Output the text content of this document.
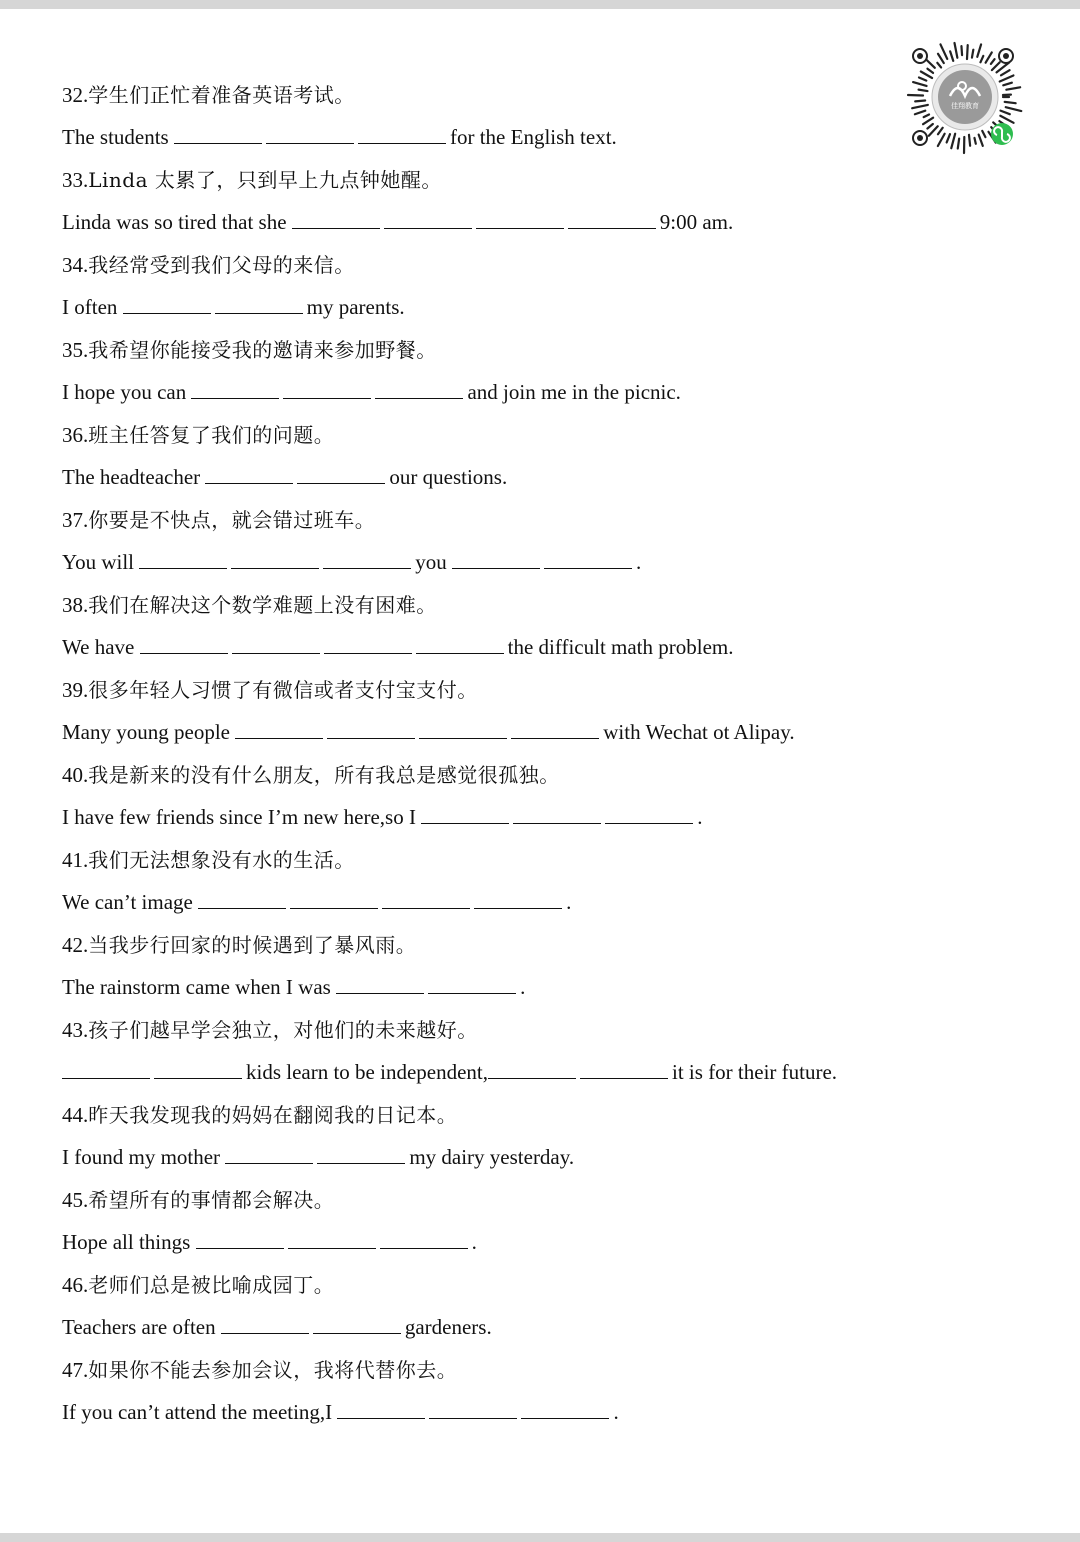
佳翔教育
32.学生们正忙着准备英语考试。
The students	for the English text.
33.Linda 太累了，只到早上九点钟她醒。
Linda was so tired that she	9:00 am.
34.我经常受到我们父母的来信。
I often	my parents.
35.我希望你能接受我的邀请来参加野餐。
I hope you can	and join me in the picnic.
36.班主任答复了我们的问题。
The headteacher	our questions.
37.你要是不快点，就会错过班车。
You will	you	.
38.我们在解决这个数学难题上没有困难。
We have	the difficult math problem.
39.很多年轻人习惯了有微信或者支付宝支付。
Many young people	with Wechat ot Alipay.
40.我是新来的没有什么朋友，所有我总是感觉很孤独。
I have few friends since I’m new here,so I	.
41.我们无法想象没有水的生活。
We can’t image	.
42.当我步行回家的时候遇到了暴风雨。
The rainstorm came when I was	.
43.孩子们越早学会独立，对他们的未来越好。
kids learn to be independent,	it is for their future.
44.昨天我发现我的妈妈在翻阅我的日记本。
I found my mother	my dairy yesterday.
45.希望所有的事情都会解决。
Hope all things	.
46.老师们总是被比喻成园丁。
Teachers are often	gardeners.
47.如果你不能去参加会议，我将代替你去。
If you can’t attend the meeting,I	.
